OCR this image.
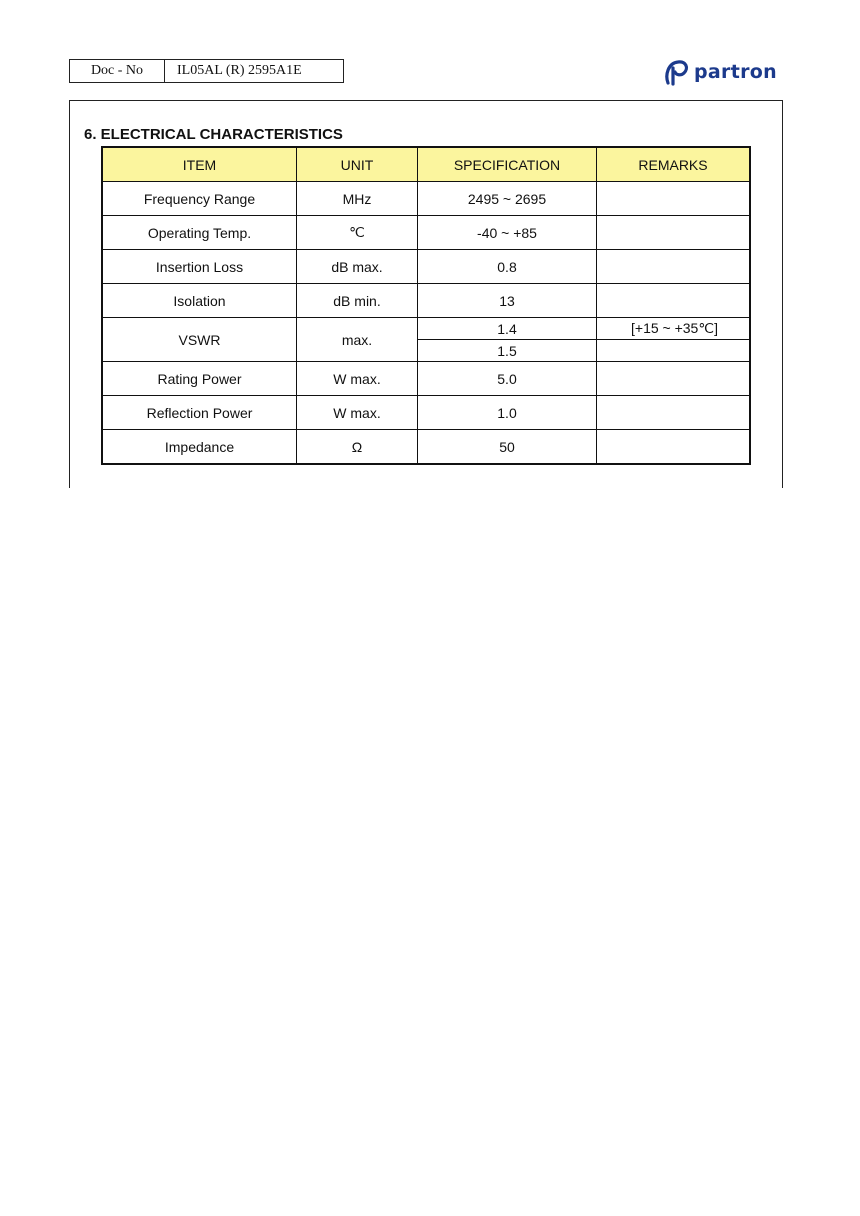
Doc - No	IL05AL (R) 2595A1E	partron
6. ELECTRICAL CHARACTERISTICS
ITEM	UNIT	SPECIFICATION	REMARKS
Frequency Range	MHz	2495 ~ 2695	
Operating Temp.	℃	-40 ~ +85	
Insertion Loss	dB max.	0.8	
Isolation	dB min.	13	
VSWR	max.	1.4	[+15 ~ +35℃]
		1.5	
Rating Power	W max.	5.0	
Reflection Power	W max.	1.0	
Impedance	Ω	50	
